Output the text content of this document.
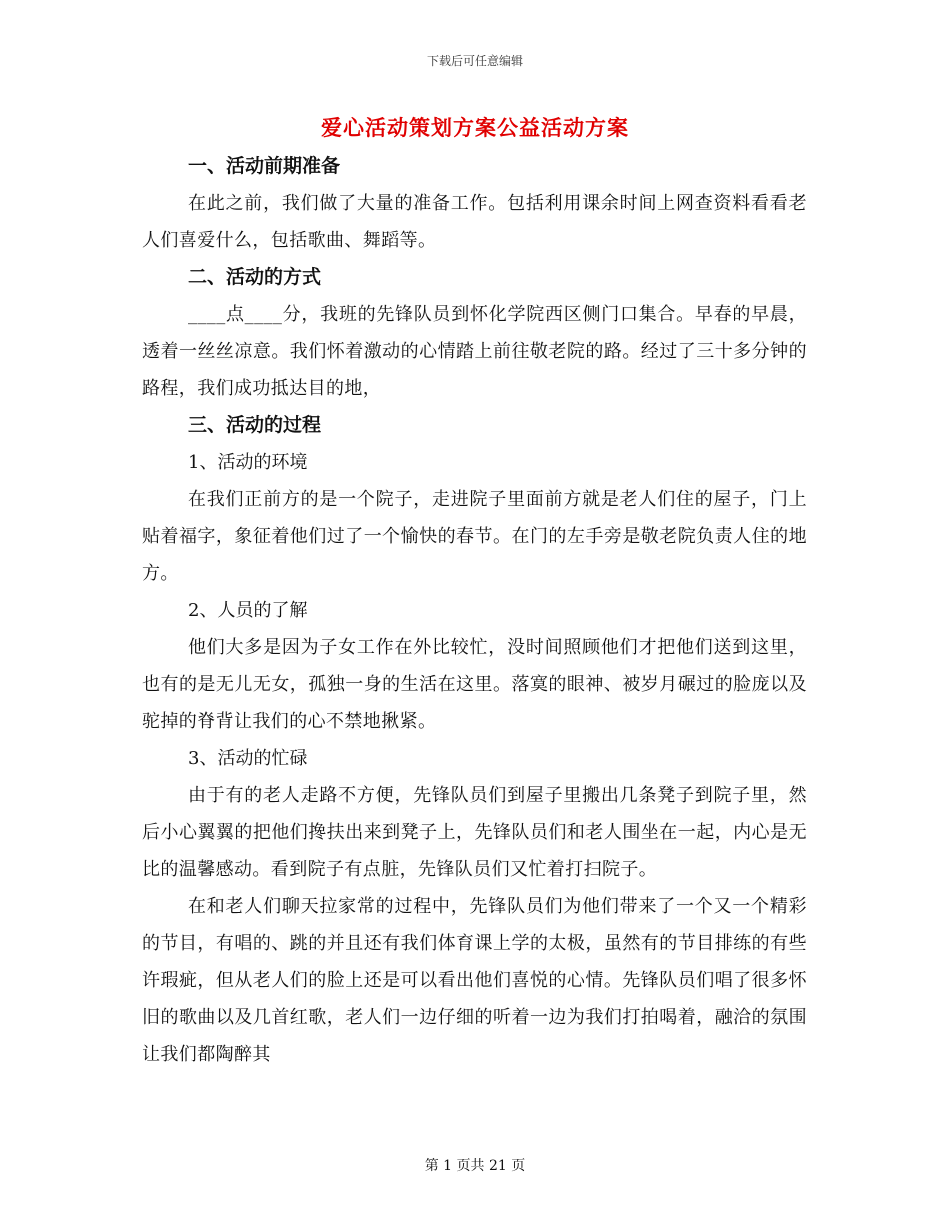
下载后可任意编辑
爱心活动策划方案公益活动方案
一、活动前期准备

在此之前，我们做了大量的准备工作。包括利用课余时间上网查资料看看老人们喜爱什么，包括歌曲、舞蹈等。

二、活动的方式

____点____分，我班的先锋队员到怀化学院西区侧门口集合。早春的早晨，透着一丝丝凉意。我们怀着激动的心情踏上前往敬老院的路。经过了三十多分钟的路程，我们成功抵达目的地，

三、活动的过程
1、活动的环境

在我们正前方的是一个院子，走进院子里面前方就是老人们住的屋子，门上贴着福字，象征着他们过了一个愉快的春节。在门的左手旁是敬老院负责人住的地方。

2、人员的了解

他们大多是因为子女工作在外比较忙，没时间照顾他们才把他们送到这里，也有的是无儿无女，孤独一身的生活在这里。落寞的眼神、被岁月碾过的脸庞以及驼掉的脊背让我们的心不禁地揪紧。

3、活动的忙碌

由于有的老人走路不方便，先锋队员们到屋子里搬出几条凳子到院子里，然后小心翼翼的把他们搀扶出来到凳子上，先锋队员们和老人围坐在一起，内心是无比的温馨感动。看到院子有点脏，先锋队员们又忙着打扫院子。

在和老人们聊天拉家常的过程中，先锋队员们为他们带来了一个又一个精彩的节目，有唱的、跳的并且还有我们体育课上学的太极，虽然有的节目排练的有些许瑕疵，但从老人们的脸上还是可以看出他们喜悦的心情。先锋队员们唱了很多怀旧的歌曲以及几首红歌，老人们一边仔细的听着一边为我们打拍喝着，融洽的氛围让我们都陶醉其

第 1 页共 21 页
